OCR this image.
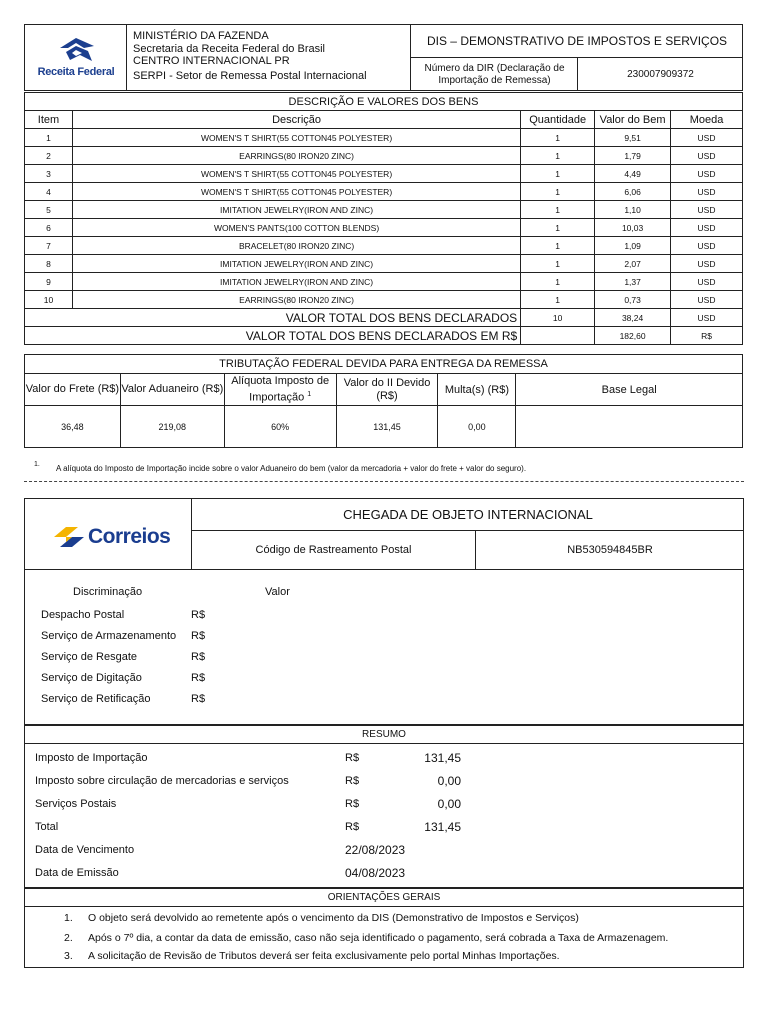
Receita Federal
MINISTÉRIO DA FAZENDA
Secretaria da Receita Federal do Brasil
CENTRO INTERNACIONAL PR
SERPI - Setor de Remessa Postal Internacional
DIS – DEMONSTRATIVO DE IMPOSTOS E SERVIÇOS
Número da DIR (Declaração de Importação de Remessa)	230007909372
DESCRIÇÃO E VALORES DOS BENS				
Item	Descrição	Quantidade	Valor do Bem	Moeda
1	WOMEN'S T SHIRT(55 COTTON45 POLYESTER)	1	9,51	USD
2	EARRINGS(80 IRON20 ZINC)	1	1,79	USD
3	WOMEN'S T SHIRT(55 COTTON45 POLYESTER)	1	4,49	USD
4	WOMEN'S T SHIRT(55 COTTON45 POLYESTER)	1	6,06	USD
5	IMITATION JEWELRY(IRON AND ZINC)	1	1,10	USD
6	WOMEN'S PANTS(100 COTTON BLENDS)	1	10,03	USD
7	BRACELET(80 IRON20 ZINC)	1	1,09	USD
8	IMITATION JEWELRY(IRON AND ZINC)	1	2,07	USD
9	IMITATION JEWELRY(IRON AND ZINC)	1	1,37	USD
10	EARRINGS(80 IRON20 ZINC)	1	0,73	USD
VALOR TOTAL DOS BENS DECLARADOS		10	38,24	USD
VALOR TOTAL DOS BENS DECLARADOS EM R$			182,60	R$
TRIBUTAÇÃO FEDERAL DEVIDA PARA ENTREGA DA REMESSA					
Valor do Frete (R$)	Valor Aduaneiro (R$)	Alíquota Imposto de Importação $^1$	Valor do II Devido (R$)	Multa(s) (R$)	Base Legal
36,48	219,08	60%	131,45	0,00	
1. A alíquota do Imposto de Importação incide sobre o valor Aduaneiro do bem (valor da mercadoria + valor do frete + valor do seguro).
Correios
CHEGADA DE OBJETO INTERNACIONAL
Código de Rastreamento Postal	NB530594845BR
Discriminação	Valor
Despacho Postal	R$
Serviço de Armazenamento R$
Serviço de Resgate	R$
Serviço de Digitação	R$
Serviço de Retificação	R$
RESUMO
Imposto de Importação	R$	131,45
Imposto sobre circulação de mercadorias e serviços	R$	0,00
Serviços Postais	R$	0,00
Total	R$	131,45
Data de Vencimento	22/08/2023
Data de Emissão	04/08/2023
ORIENTAÇÕES GERAIS
1.	O objeto será devolvido ao remetente após o vencimento da DIS (Demonstrativo de Impostos e Serviços)
2.	Após o 7º dia, a contar da data de emissão, caso não seja identificado o pagamento, será cobrada a Taxa de Armazenagem.
3.	A solicitação de Revisão de Tributos deverá ser feita exclusivamente pelo portal Minhas Importações.
